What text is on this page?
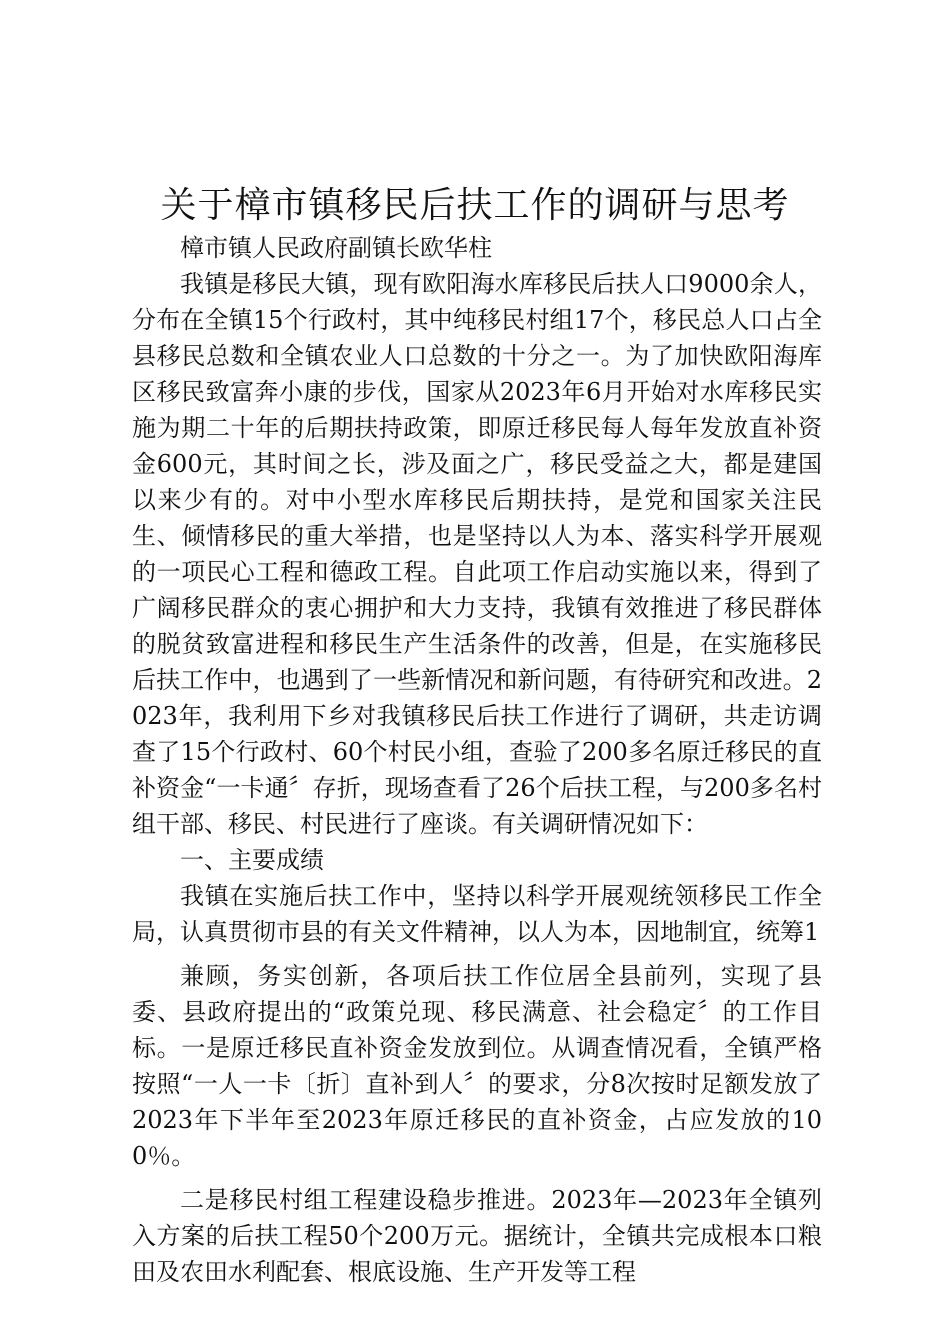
关于樟市镇移民后扶工作的调研与思考

樟市镇人民政府副镇长欧华柱

我镇是移民大镇，现有欧阳海水库移民后扶人口9000余人，分布在全镇15个行政村，其中纯移民村组17个，移民总人口占全县移民总数和全镇农业人口总数的十分之一。为了加快欧阳海库区移民致富奔小康的步伐，国家从2023年6月开始对水库移民实施为期二十年的后期扶持政策，即原迁移民每人每年发放直补资金600元，其时间之长，涉及面之广，移民受益之大，都是建国以来少有的。对中小型水库移民后期扶持，是党和国家关注民生、倾情移民的重大举措，也是坚持以人为本、落实科学开展观的一项民心工程和德政工程。自此项工作启动实施以来，得到了广阔移民群众的衷心拥护和大力支持，我镇有效推进了移民群体的脱贫致富进程和移民生产生活条件的改善，但是，在实施移民后扶工作中，也遇到了一些新情况和新问题，有待研究和改进。2023年，我利用下乡对我镇移民后扶工作进行了调研，共走访调查了15个行政村、60个村民小组，查验了200多名原迁移民的直补资金“一卡通〞存折，现场查看了26个后扶工程，与200多名村组干部、移民、村民进行了座谈。有关调研情况如下：

一、主要成绩

我镇在实施后扶工作中，坚持以科学开展观统领移民工作全局，认真贯彻市县的有关文件精神，以人为本，因地制宜，统筹1

兼顾，务实创新，各项后扶工作位居全县前列，实现了县委、县政府提出的“政策兑现、移民满意、社会稳定〞的工作目标。一是原迁移民直补资金发放到位。从调查情况看，全镇严格按照“一人一卡〔折〕直补到人〞的要求，分8次按时足额发放了2023年下半年至2023年原迁移民的直补资金，占应发放的100％。

二是移民村组工程建设稳步推进。2023年—2023年全镇列入方案的后扶工程50个200万元。据统计，全镇共完成根本口粮田及农田水利配套、根底设施、生产开发等工程
